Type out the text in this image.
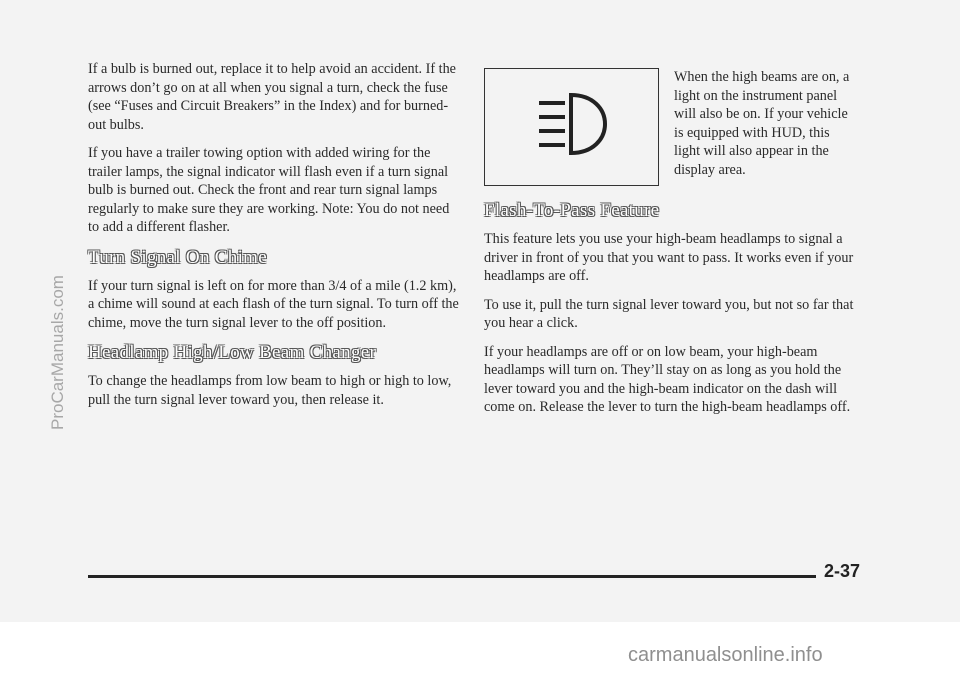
If a bulb is burned out, replace it to help avoid an accident. If the arrows don’t go on at all when you signal a turn, check the fuse (see “Fuses and Circuit Breakers” in the Index) and for burned-out bulbs.

If you have a trailer towing option with added wiring for the trailer lamps, the signal indicator will flash even if a turn signal bulb is burned out. Check the front and rear turn signal lamps regularly to make sure they are working. Note: You do not need to add a different flasher.

Turn Signal On Chime

If your turn signal is left on for more than 3/4 of a mile (1.2 km), a chime will sound at each flash of the turn signal. To turn off the chime, move the turn signal lever to the off position.

Headlamp High/Low Beam Changer

To change the headlamps from low beam to high or high to low, pull the turn signal lever toward you, then release it.

When the high beams are on, a light on the instrument panel will also be on. If your vehicle is equipped with HUD, this light will also appear in the display area.

Flash-To-Pass Feature

This feature lets you use your high-beam headlamps to signal a driver in front of you that you want to pass. It works even if your headlamps are off.

To use it, pull the turn signal lever toward you, but not so far that you hear a click.

If your headlamps are off or on low beam, your high-beam headlamps will turn on. They’ll stay on as long as you hold the lever toward you and the high-beam indicator on the dash will come on. Release the lever to turn the high-beam headlamps off.

2-37
ProCarManuals.com
carmanualsonline.info
